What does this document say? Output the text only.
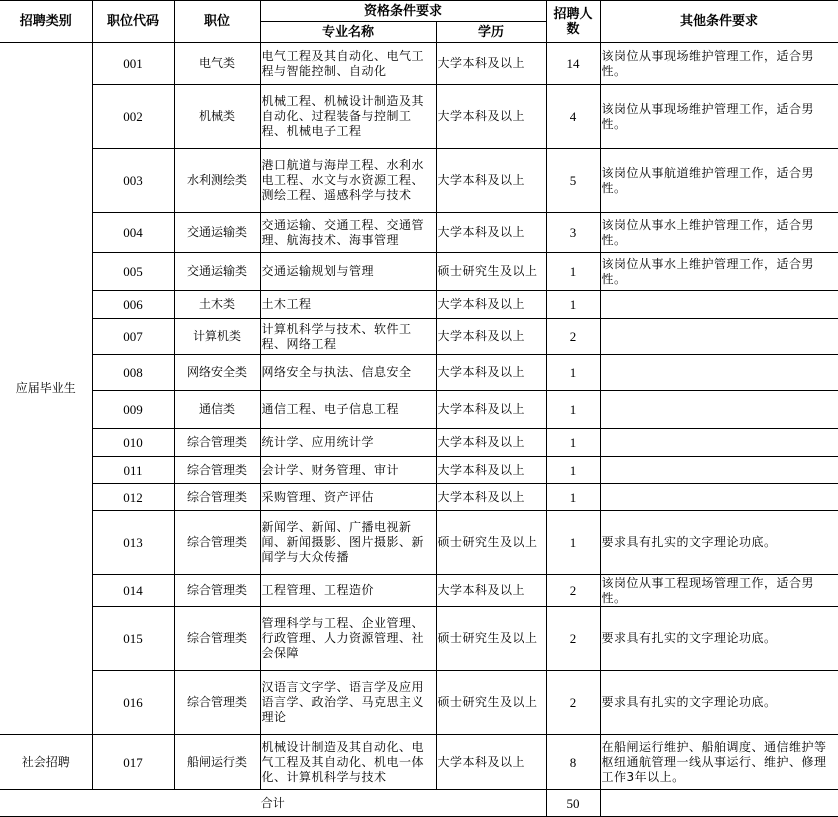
招聘类别	职位代码	职位	资格条件要求		招聘人数	其他条件要求
			专业名称	学历		
应届毕业生	001	电气类	电气工程及其自动化、电气工程与智能控制、自动化	大学本科及以上	14	该岗位从事现场维护管理工作，适合男性。
	002	机械类	机械工程、机械设计制造及其自动化、过程装备与控制工程、机械电子工程	大学本科及以上	4	该岗位从事现场维护管理工作，适合男性。
	003	水利测绘类	港口航道与海岸工程、水利水电工程、水文与水资源工程、测绘工程、遥感科学与技术	大学本科及以上	5	该岗位从事航道维护管理工作，适合男性。
	004	交通运输类	交通运输、交通工程、交通管理、航海技术、海事管理	大学本科及以上	3	该岗位从事水上维护管理工作，适合男性。
	005	交通运输类	交通运输规划与管理	硕士研究生及以上	1	该岗位从事水上维护管理工作，适合男性。
	006	土木类	土木工程	大学本科及以上	1	
	007	计算机类	计算机科学与技术、软件工程、网络工程	大学本科及以上	2	
	008	网络安全类	网络安全与执法、信息安全	大学本科及以上	1	
	009	通信类	通信工程、电子信息工程	大学本科及以上	1	
	010	综合管理类	统计学、应用统计学	大学本科及以上	1	
	011	综合管理类	会计学、财务管理、审计	大学本科及以上	1	
	012	综合管理类	采购管理、资产评估	大学本科及以上	1	
	013	综合管理类	新闻学、新闻、广播电视新闻、新闻摄影、图片摄影、新闻学与大众传播	硕士研究生及以上	1	要求具有扎实的文字理论功底。
	014	综合管理类	工程管理、工程造价	大学本科及以上	2	该岗位从事工程现场管理工作，适合男性。
	015	综合管理类	管理科学与工程、企业管理、行政管理、人力资源管理、社会保障	硕士研究生及以上	2	要求具有扎实的文字理论功底。
	016	综合管理类	汉语言文字学、语言学及应用语言学、政治学、马克思主义理论	硕士研究生及以上	2	要求具有扎实的文字理论功底。
社会招聘	017	船闸运行类	机械设计制造及其自动化、电气工程及其自动化、机电一体化、计算机科学与技术	大学本科及以上	8	在船闸运行维护、船舶调度、通信维护等枢纽通航管理一线从事运行、维护、修理工作3年以上。
合计					50	
